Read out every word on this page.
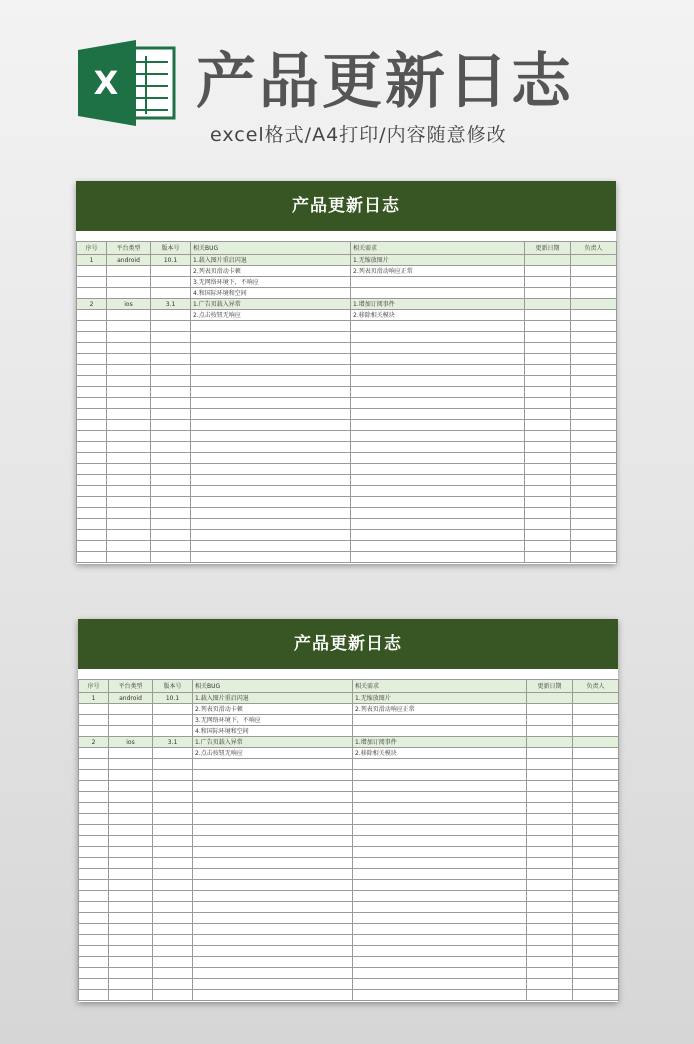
X 产品更新日志
excel格式/A4打印/内容随意修改
产品更新日志
序号	平台类型	版本号	相关BUG	相关需求	更新日期	负责人
1	android	10.1	1.载入图片重启闪退	1.无缩放图片		
			2.列表页滑动卡顿	2.列表页滑动响应正常		
			3.无网络环境下，不响应			
			4.和国际环境和空间			
2	ios	3.1	1.广告页载入异常	1.增加订阅事件		
			2.点击按钮无响应	2.移除相关模块		

产品更新日志
序号	平台类型	版本号	相关BUG	相关需求	更新日期	负责人
1	android	10.1	1.载入图片重启闪退	1.无缩放图片		
			2.列表页滑动卡顿	2.列表页滑动响应正常		
			3.无网络环境下，不响应			
			4.和国际环境和空间			
2	ios	3.1	1.广告页载入异常	1.增加订阅事件		
			2.点击按钮无响应	2.移除相关模块		
